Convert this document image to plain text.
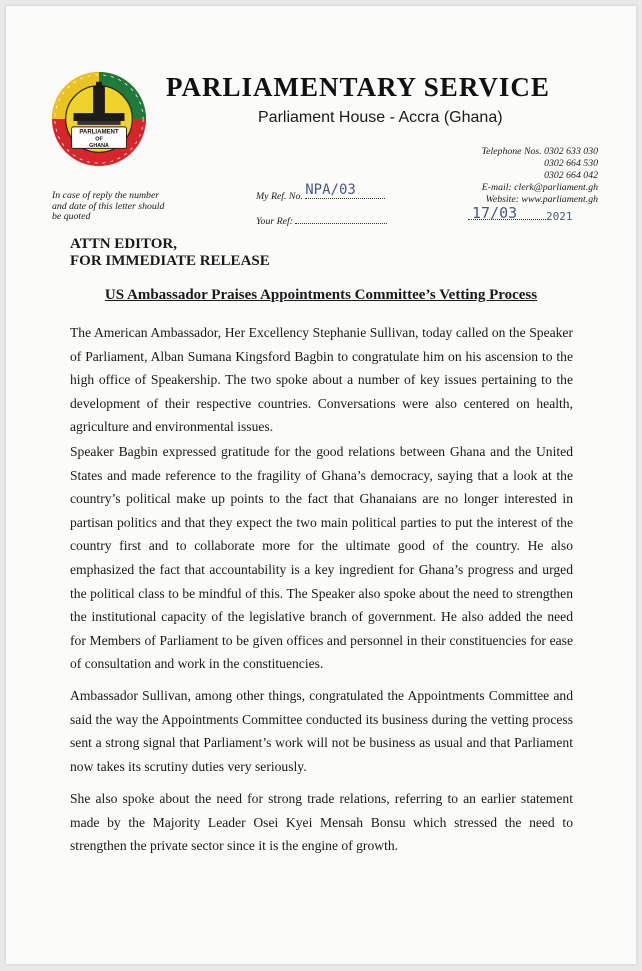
PARLIAMENT
OF
GHANA
PARLIAMENTARY SERVICE
Parliament House - Accra (Ghana)
Telephone Nos. 0302 633 030
0302 664 530
0302 664 042
E-mail: clerk@parliament.gh
Website: www.parliament.gh
In case of reply the number
and date of this letter should
be quoted
My Ref. No. NPA/03
Your Ref:	17/03	2021
ATTN EDITOR,
FOR IMMEDIATE RELEASE
US Ambassador Praises Appointments Committee’s Vetting Process
The American Ambassador, Her Excellency Stephanie Sullivan, today called on the Speaker of Parliament, Alban Sumana Kingsford Bagbin to congratulate him on his ascension to the high office of Speakership. The two spoke about a number of key issues pertaining to the development of their respective countries. Conversations were also centered on health, agriculture and environmental issues.
Speaker Bagbin expressed gratitude for the good relations between Ghana and the United States and made reference to the fragility of Ghana’s democracy, saying that a look at the country’s political make up points to the fact that Ghanaians are no longer interested in partisan politics and that they expect the two main political parties to put the interest of the country first and to collaborate more for the ultimate good of the country. He also emphasized the fact that accountability is a key ingredient for Ghana’s progress and urged the political class to be mindful of this. The Speaker also spoke about the need to strengthen the institutional capacity of the legislative branch of government. He also added the need for Members of Parliament to be given offices and personnel in their constituencies for ease of consultation and work in the constituencies.
Ambassador Sullivan, among other things, congratulated the Appointments Committee and said the way the Appointments Committee conducted its business during the vetting process sent a strong signal that Parliament’s work will not be business as usual and that Parliament now takes its scrutiny duties very seriously.
She also spoke about the need for strong trade relations, referring to an earlier statement made by the Majority Leader Osei Kyei Mensah Bonsu which stressed the need to strengthen the private sector since it is the engine of growth.
